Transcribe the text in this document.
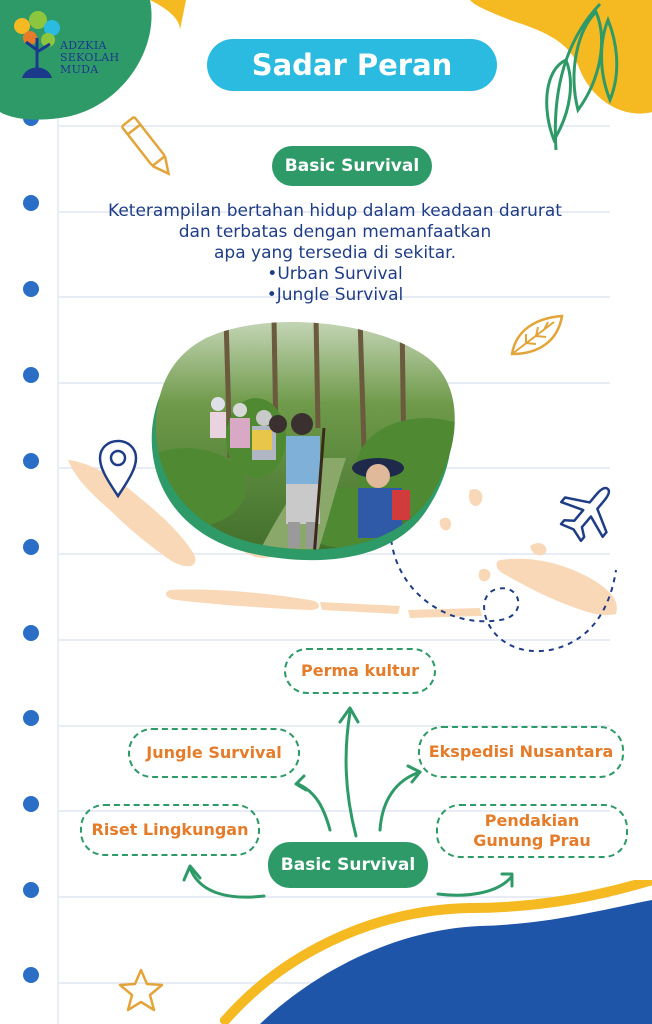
ADZKIA
SEKOLAH
MUDA	Sadar Peran
Basic Survival
Keterampilan bertahan hidup dalam keadaan darurat
dan terbatas dengan memanfaatkan
apa yang tersedia di sekitar.
•Urban Survival
•Jungle Survival
Perma kultur
Jungle Survival	Ekspedisi Nusantara
Riset Lingkungan	Pendakian
Gunung Prau
Basic Survival
